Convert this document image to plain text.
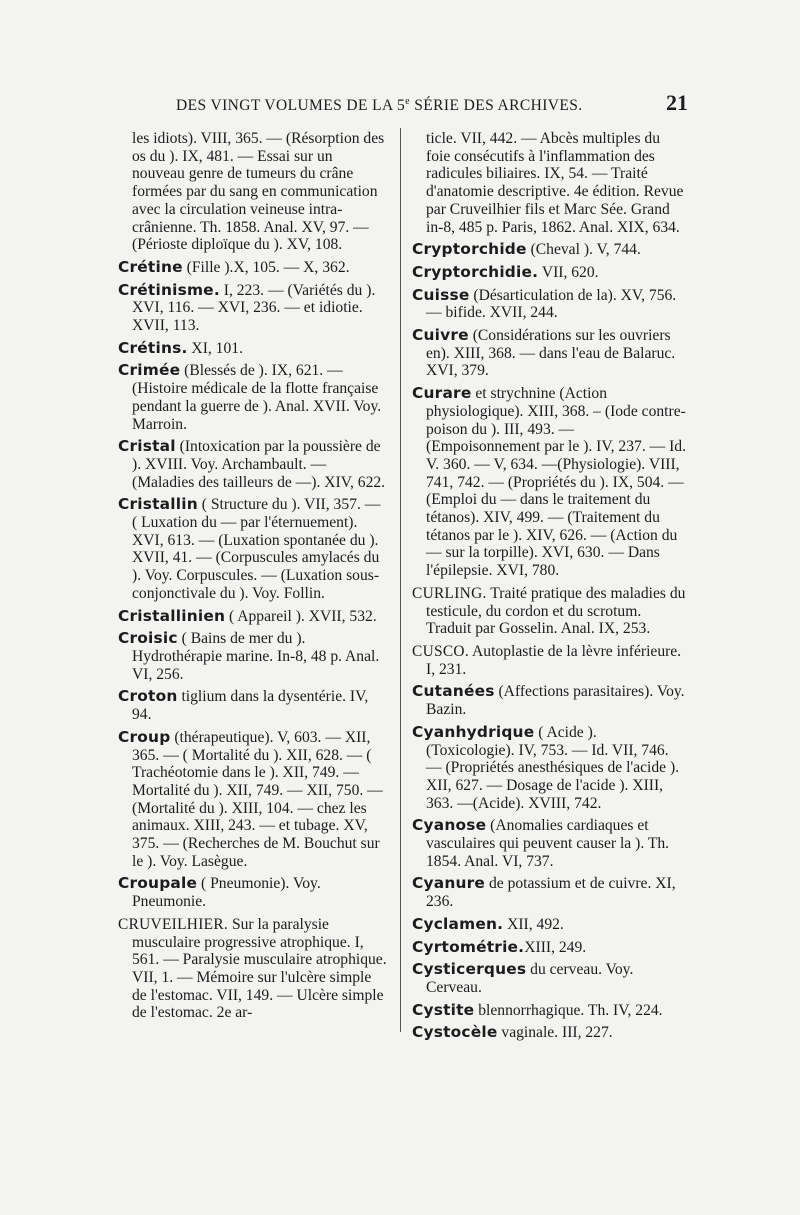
DES VINGT VOLUMES DE LA 5e SÉRIE DES ARCHIVES.	21
les idiots). VIII, 365. — (Résorption des os du ). IX, 481. — Essai sur un nouveau genre de tumeurs du crâne formées par du sang en communication avec la circulation veineuse intra-crânienne. Th. 1858. Anal. XV, 97. — (Périoste diploïque du ). XV, 108.
Crétine (Fille ).X, 105. — X, 362.
Crétinisme. I, 223. — (Variétés du ). XVI, 116. — XVI, 236. — et idiotie. XVII, 113.
Crétins. XI, 101.
Crimée (Blessés de ). IX, 621. — (Histoire médicale de la flotte française pendant la guerre de ). Anal. XVII. Voy. Marroin.
Cristal (Intoxication par la poussière de ). XVIII. Voy. Archambault. — (Maladies des tailleurs de —). XIV, 622.
Cristallin ( Structure du ). VII, 357. — ( Luxation du — par l'éternuement). XVI, 613. — (Luxation spontanée du ). XVII, 41. — (Corpuscules amylacés du ). Voy. Corpuscules. — (Luxation sous-conjonctivale du ). Voy. Follin.
Cristallinien ( Appareil ). XVII, 532.
Croisic ( Bains de mer du ). Hydrothérapie marine. In-8, 48 p. Anal. VI, 256.
Croton tiglium dans la dysentérie. IV, 94.
Croup (thérapeutique). V, 603. — XII, 365. — ( Mortalité du ). XII, 628. — ( Trachéotomie dans le ). XII, 749. — Mortalité du ). XII, 749. — XII, 750. — (Mortalité du ). XIII, 104. — chez les animaux. XIII, 243. — et tubage. XV, 375. — (Recherches de M. Bouchut sur le ). Voy. Lasègue.
Croupale ( Pneumonie). Voy. Pneumonie.
CRUVEILHIER. Sur la paralysie musculaire progressive atrophique. I, 561. — Paralysie musculaire atrophique. VII, 1. — Mémoire sur l'ulcère simple de l'estomac. VII, 149. — Ulcère simple de l'estomac. 2e ar-
ticle. VII, 442. — Abcès multiples du foie consécutifs à l'inflammation des radicules biliaires. IX, 54. — Traité d'anatomie descriptive. 4e édition. Revue par Cruveilhier fils et Marc Sée. Grand in-8, 485 p. Paris, 1862. Anal. XIX, 634.
Cryptorchide (Cheval ). V, 744.
Cryptorchidie. VII, 620.
Cuisse (Désarticulation de la). XV, 756. — bifide. XVII, 244.
Cuivre (Considérations sur les ouvriers en). XIII, 368. — dans l'eau de Balaruc. XVI, 379.
Curare et strychnine (Action physiologique). XIII, 368. – (Iode contre-poison du ). III, 493. — (Empoisonnement par le ). IV, 237. — Id. V. 360. — V, 634. —(Physiologie). VIII, 741, 742. — (Propriétés du ). IX, 504. — (Emploi du — dans le traitement du tétanos). XIV, 499. — (Traitement du tétanos par le ). XIV, 626. — (Action du — sur la torpille). XVI, 630. — Dans l'épilepsie. XVI, 780.
CURLING. Traité pratique des maladies du testicule, du cordon et du scrotum. Traduit par Gosselin. Anal. IX, 253.
CUSCO. Autoplastie de la lèvre inférieure. I, 231.
Cutanées (Affections parasitaires). Voy. Bazin.
Cyanhydrique ( Acide ). (Toxicologie). IV, 753. — Id. VII, 746. — (Propriétés anesthésiques de l'acide ). XII, 627. — Dosage de l'acide ). XIII, 363. —(Acide). XVIII, 742.
Cyanose (Anomalies cardiaques et vasculaires qui peuvent causer la ). Th. 1854. Anal. VI, 737.
Cyanure de potassium et de cuivre. XI, 236.
Cyclamen. XII, 492.
Cyrtométrie.XIII, 249.
Cysticerques du cerveau. Voy. Cerveau.
Cystite blennorrhagique. Th. IV, 224.
Cystocèle vaginale. III, 227.
